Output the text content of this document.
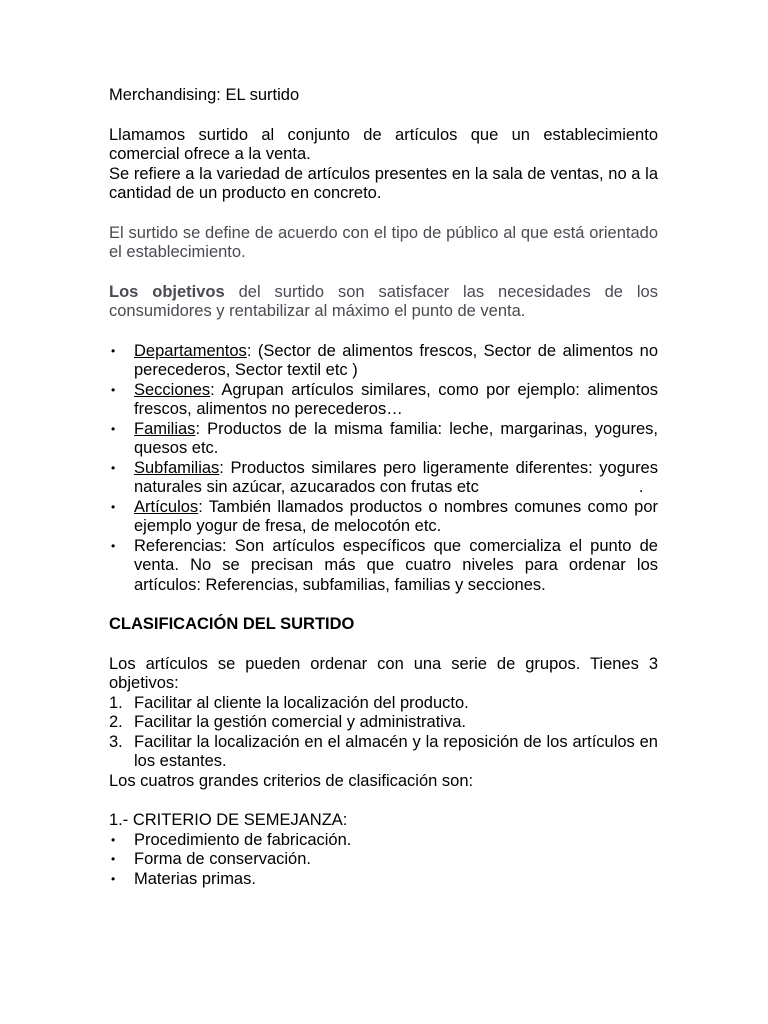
Merchandising: EL surtido

Llamamos surtido al conjunto de artículos que un establecimiento comercial ofrece a la venta.

Se refiere a la variedad de artículos presentes en la sala de ventas, no a la cantidad de un producto en concreto.

El surtido se define de acuerdo con el tipo de público al que está orientado el establecimiento.

Los objetivos del surtido son satisfacer las necesidades de los consumidores y rentabilizar al máximo el punto de venta.

• Departamentos: (Sector de alimentos frescos, Sector de alimentos no perecederos, Sector textil etc )
• Secciones: Agrupan artículos similares, como por ejemplo: alimentos frescos, alimentos no perecederos…
• Familias: Productos de la misma familia: leche, margarinas, yogures, quesos etc.
• Subfamilias: Productos similares pero ligeramente diferentes: yogures naturales sin azúcar, azucarados con frutas etc	.
• Artículos: También llamados productos o nombres comunes como por ejemplo yogur de fresa, de melocotón etc.
• Referencias: Son artículos específicos que comercializa el punto de venta. No se precisan más que cuatro niveles para ordenar los artículos: Referencias, subfamilias, familias y secciones.

CLASIFICACIÓN DEL SURTIDO

Los artículos se pueden ordenar con una serie de grupos. Tienes 3 objetivos:

1. Facilitar al cliente la localización del producto.
2. Facilitar la gestión comercial y administrativa.
3. Facilitar la localización en el almacén y la reposición de los artículos en los estantes.

Los cuatros grandes criterios de clasificación son:

1.- CRITERIO DE SEMEJANZA:

• Procedimiento de fabricación.
• Forma de conservación.
• Materias primas.
